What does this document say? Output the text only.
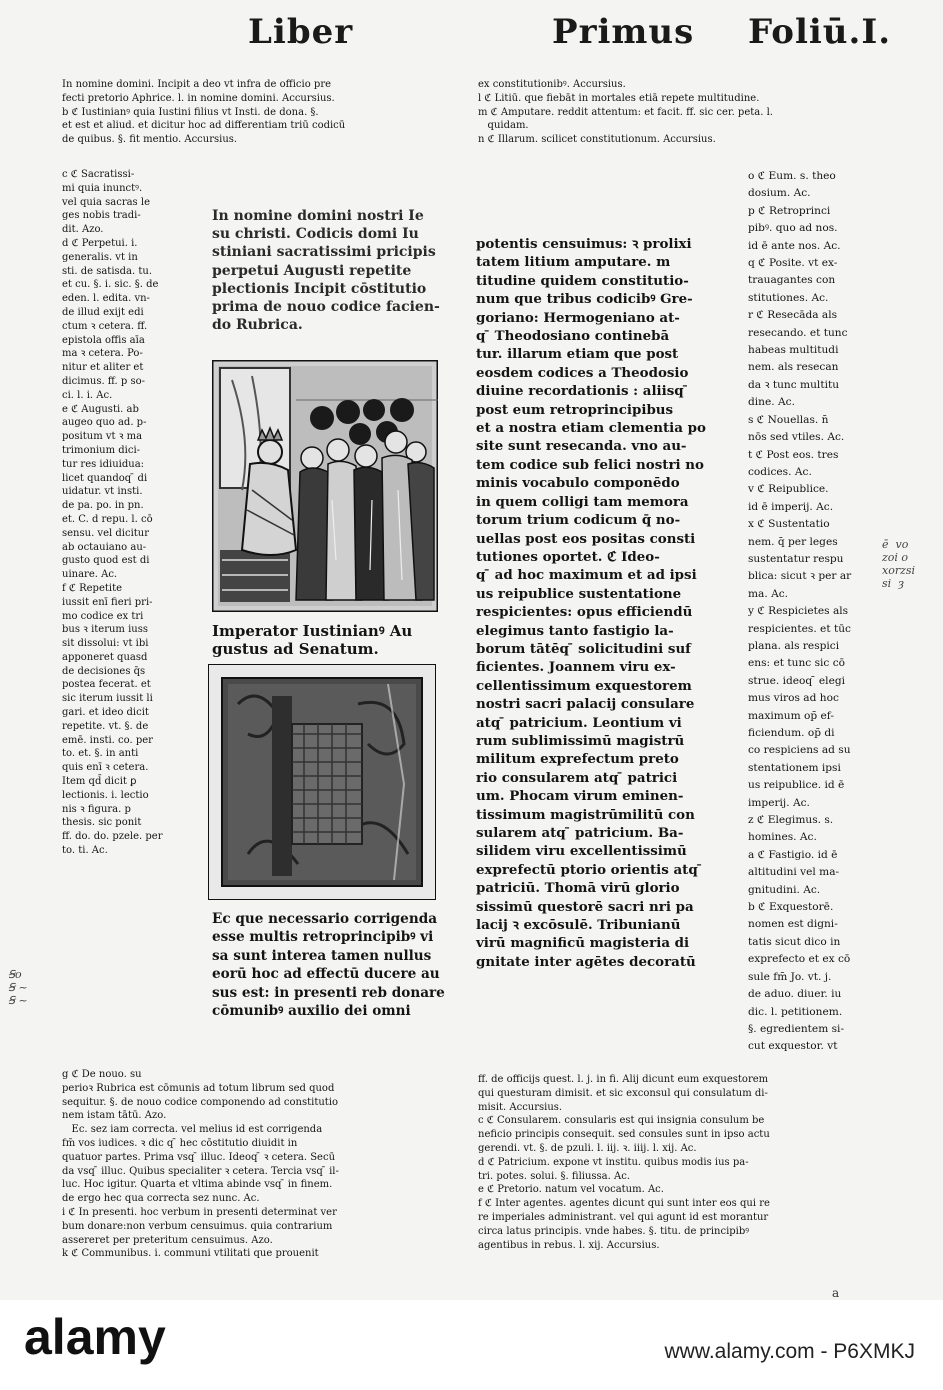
Liber	Primus Foliū.I.
In nomine domini. Incipit a deo vt infra de officio pre
fecti pretorio Aphrice. l. in nomine domini. Accursius.
b ℭ Iustinianꝰ quia Iustini filius vt Insti. de dona. §.
et est et aliud. et dicitur hoc ad differentiam triū codicū
de quibus. §. fit mentio. Accursius.
c ℭ Sacratissi-
mi quia inunctꝰ.
vel quia sacras le
ges nobis tradi-
dit. Azo.
d ℭ Perpetui. i.
generalis. vt in
sti. de satisda. tu.
et cu. §. i. sic. §. de
eden. l. edita. vn-
de illud exijt edi
ctum ꝛ cetera. ff.
epistola offis aīa
ma ꝛ cetera. Po-
nitur et aliter et
dicimus. ff. p so-
ci. l. i. Ac.
e ℭ Augusti. ab
augeo quo ad. p-
positum vt ꝛ ma
trimonium dici-
tur res idiuidua:
licet quandoq ̄ di
uidatur. vt insti.
de pa. po. in pn.
et. C. d repu. l. cō
sensu. vel dicitur
ab octauiano au-
gusto quod est di
uinare. Ac.
f ℭ Repetite
iussit enī fieri pri-
mo codice ex tri
bus ꝛ iterum iuss
sit dissolui: vt ibi
apponeret quasd
de decisiones q̄s
postea fecerat. et
sic iterum iussit li
gari. et ideo dicit
repetite. vt. §. de
emē. insti. co. per
to. et. §. in anti
quis enī ꝛ cetera.
Item qd̄ dicit ꝑ
lectionis. i. lectio
nis ꝛ figura. p
thesis. sic ponit
ff. do. do. pzele. per
to. ti. Ac.
g ℭ De nouo. su
perioꝛ Rubrica est cōmunis ad totum librum sed quod
sequitur. §. de nouo codice componendo ad constitutio
nem istam tātū. Azo.
Ec. sez iam correcta. vel melius id est corrigenda
fm̄ vos iudices. ꝛ dic q ̄ hec cōstitutio diuidit in
quatuor partes. Prima vsq ̄ illuc. Ideoq ̄ ꝛ cetera. Secū
da vsq ̄ illuc. Quibus specialiter ꝛ cetera. Tercia vsq ̄ il-
luc. Hoc igitur. Quarta et vltima abinde vsq ̄ in finem.
de ergo hec qua correcta sez nunc. Ac.
i ℭ In presenti. hoc verbum in presenti determinat ver
bum donare:non verbum censuimus. quia contrarium
assereret per preteritum censuimus. Azo.
k ℭ Communibus. i. communi vtilitati que prouenit
In nomine domini nostri Ie
su christi. Codicis domi Iu
stiniani sacratissimi pricipis
perpetui Augusti repetite
plectionis Incipit cōstitutio
prima de nouo codice facien-
do Rubrica.
Imperator Iustinianꝰ Au
gustus ad Senatum.
Ec que necessario corrigenda
esse multis retroprincipibꝰ vi
sa sunt interea tamen nullus
eorū hoc ad effectū ducere au
sus est: in presenti reb donare
cōmunibꝰ auxilio dei omni
ex constitutionibꝰ. Accursius.
l ℭ Litiū. que fiebāt in mortales etiā repete multitudine.
m ℭ Amputare. reddit attentum: et facit. ff. sic cer. peta. l.
quidam.
n ℭ Illarum. scilicet constitutionum. Accursius.
potentis censuimus: ꝛ prolixi
tatem litium amputare. m
titudine quidem constitutio-
num que tribus codicibꝰ Gre-
goriano: Hermogeniano at-
q ̄ Theodosiano continebā
tur. illarum etiam que post
eosdem codices a Theodosio
diuine recordationis : aliisq ̄
post eum retroprincipibus
et a nostra etiam clementia po
site sunt resecanda. vno au-
tem codice sub felici nostri no
minis vocabulo componēdo
in quem colligi tam memora
torum trium codicum q̄ no-
uellas post eos positas consti
tutiones oportet. ℭ Ideo-
q ̄ ad hoc maximum et ad ipsi
us reipublice sustentatione
respicientes: opus efficiendū
elegimus tanto fastigio la-
borum tātēq ̄ solicitudini suf
ficientes. Joannem viru ex-
cellentissimum exquestorem
nostri sacri palacij consulare
atq ̄ patricium. Leontium vi
rum sublimissimū magistrū
militum exprefectum preto
rio consularem atq ̄ patrici
um. Phocam virum eminen-
tissimum magistrūmilitū con
sularem atq ̄ patricium. Ba-
silidem viru excellentissimū
exprefectū ptorio orientis atq ̄
patriciū. Thomā virū glorio
sissimū questorē sacri nri pa
lacij ꝛ excōsulē. Tribunianū
virū magnificū magisteria di
gnitate inter agētes decoratū
o ℭ Eum. s. theo
dosium. Ac.
p ℭ Retroprinci
pibꝰ. quo ad nos.
id ē ante nos. Ac.
q ℭ Posite. vt ex-
trauagantes con
stitutiones. Ac.
r ℭ Resecāda als
resecando. et tunc
habeas multitudi
nem. als resecan
da ꝛ tunc multitu
dine. Ac.
s ℭ Nouellas. n̄
nōs sed vtiles. Ac.
t ℭ Post eos. tres
codices. Ac.
v ℭ Reipublice.
id ē imperij. Ac.
x ℭ Sustentatio
nem. q̄ per leges
sustentatur respu
blica: sicut ꝛ per ar
ma. Ac.
y ℭ Respicietes als
respicientes. et tūc
plana. als respici
ens: et tunc sic cō
strue. ideoq ̄ elegi
mus viros ad hoc
maximum op̄ ef-
ficiendum. op̄ di
co respiciens ad su
stentationem ipsi
us reipublice. id ē
imperij. Ac.
z ℭ Elegimus. s.
homines. Ac.
a ℭ Fastigio. id ē
altitudini vel ma-
gnitudini. Ac.
b ℭ Exquestorē.
nomen est digni-
tatis sicut dico in
exprefecto et ex cō
sule fm̄ Jo. vt. j.
de aduo. diuer. iu
dic. l. petitionem.
§. egredientem si-
cut exquestor. vt
ff. de officijs quest. l. j. in fi. Alij dicunt eum exquestorem
qui questuram dimisit. et sic exconsul qui consulatum di-
misit. Accursius.
c ℭ Consularem. consularis est qui insignia consulum be
neficio principis consequit. sed consules sunt in ipso actu
gerendi. vt. §. de pzuli. l. iij. ꝛ. iiij. l. xij. Ac.
d ℭ Patricium. expone vt institu. quibus modis ius pa-
tri. potes. solui. §. filiussa. Ac.
e ℭ Pretorio. natum vel vocatum. Ac.
f ℭ Inter agentes. agentes dicunt qui sunt inter eos qui re
re imperiales administrant. vel qui agunt id est morantur
circa latus principis. vnde habes. §. titu. de principibꝰ
agentibus in rebus. l. xij. Accursius.
ē  vo
zoi o
xorzsi
si  ȝ
Ꞩo
Ꞩ ~
Ꞩ ~
a
alamy	www.alamy.com - P6XMKJ
